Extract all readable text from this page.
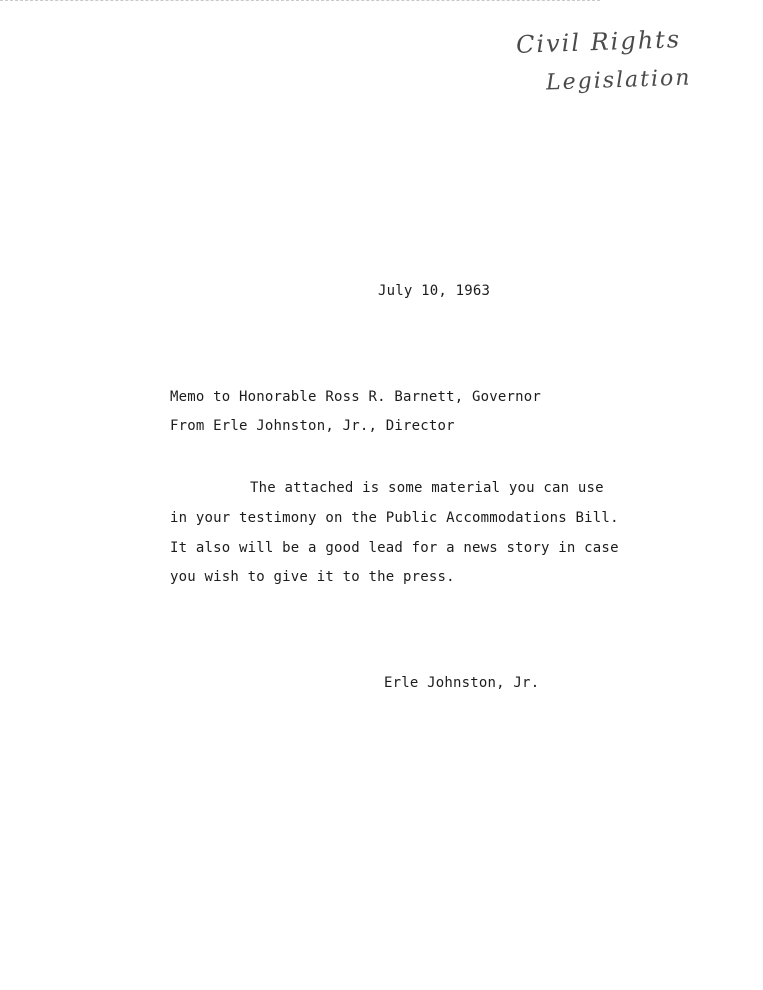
Civil Rights
Legislation
July 10, 1963
Memo to Honorable Ross R. Barnett, Governor
From Erle Johnston, Jr., Director
The attached is some material you can use
in your testimony on the Public Accommodations Bill.
It also will be a good lead for a news story in case
you wish to give it to the press.
Erle Johnston, Jr.
